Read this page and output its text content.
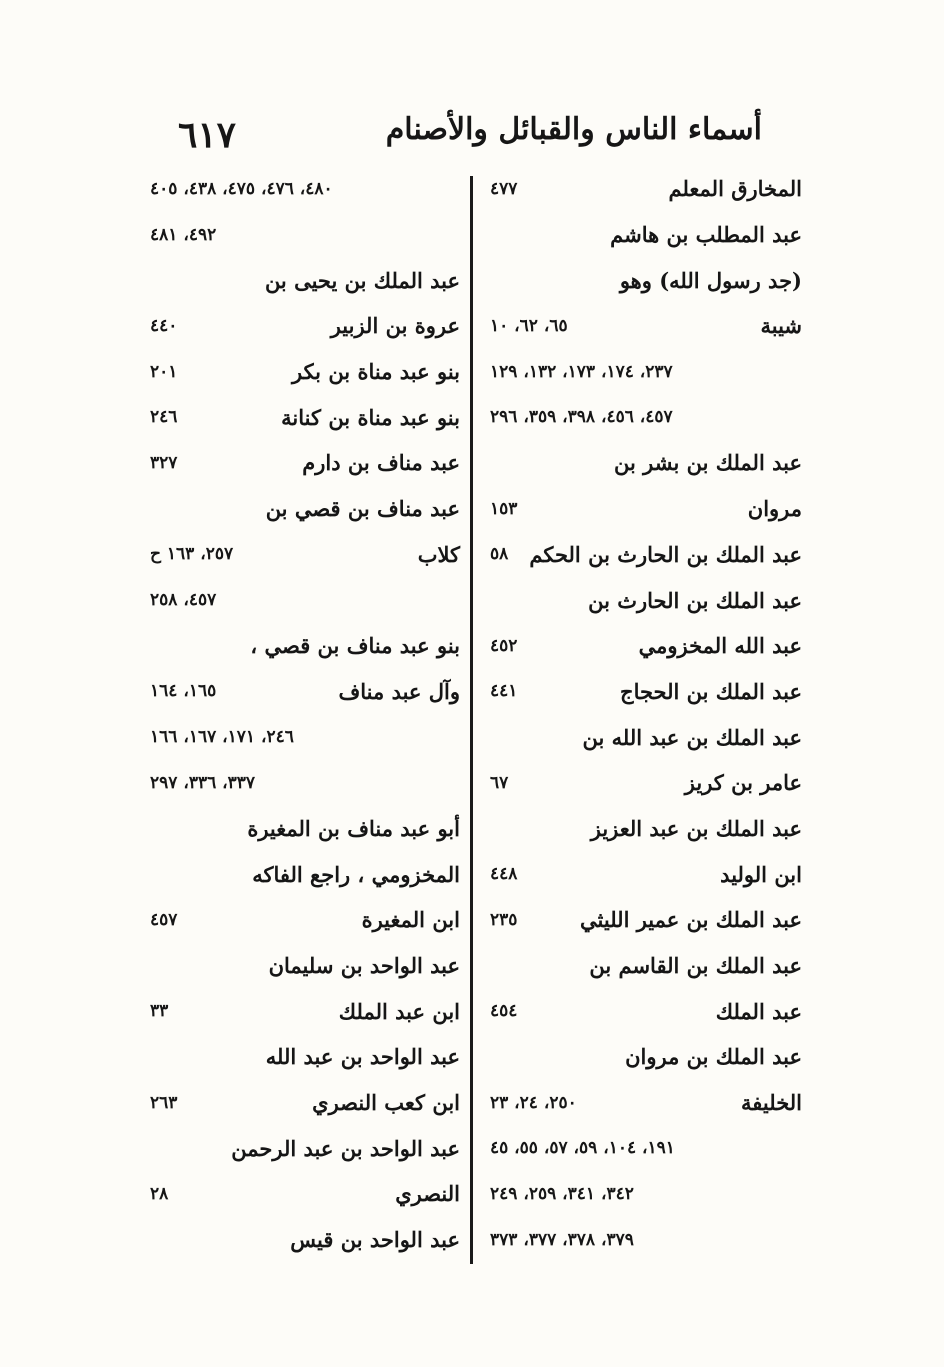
أسماء الناس والقبائل والأصنام
٦١٧
المخارق المعلم
٤٧٧
عبد المطلب بن هاشم
(جد رسول الله) وهو
شيبة
٦٥، ٦٢، ١٠
٢٣٧، ١٧٤، ١٧٣، ١٣٢، ١٢٩
٤٥٧، ٤٥٦، ٣٩٨، ٣٥٩، ٢٩٦
عبد الملك بن بشر بن
مروان
١٥٣
عبد الملك بن الحارث بن الحكم
٥٨
عبد الملك بن الحارث بن
عبد الله المخزومي
٤٥٢
عبد الملك بن الحجاج
٤٤١
عبد الملك بن عبد الله بن
عامر بن كريز
٦٧
عبد الملك بن عبد العزيز
ابن الوليد
٤٤٨
عبد الملك بن عمير الليثي
٢٣٥
عبد الملك بن القاسم بن
عبد الملك
٤٥٤
عبد الملك بن مروان
الخليفة
٢٥٠، ٢٤، ٢٣
١٩١، ١٠٤، ٥٩، ٥٧، ٥٥، ٤٥
٣٤٢، ٣٤١، ٢٥٩، ٢٤٩
٣٧٩، ٣٧٨، ٣٧٧، ٣٧٣
٤٨٠، ٤٧٦، ٤٧٥، ٤٣٨، ٤٠٥
٤٩٢، ٤٨١
عبد الملك بن يحيى بن
عروة بن الزبير
٤٤٠
بنو عبد مناة بن بكر
٢٠١
بنو عبد مناة بن كنانة
٢٤٦
عبد مناف بن دارم
٣٢٧
عبد مناف بن قصي بن
كلاب
٢٥٧، ١٦٣ ح
٤٥٧، ٢٥٨
بنو عبد مناف بن قصي ،
وآل عبد مناف
١٦٥، ١٦٤
٢٤٦، ١٧١، ١٦٧، ١٦٦
٣٣٧، ٣٣٦، ٢٩٧
أبو عبد مناف بن المغيرة
المخزومي ، راجع الفاكه
ابن المغيرة
٤٥٧
عبد الواحد بن سليمان
ابن عبد الملك
٣٣
عبد الواحد بن عبد الله
ابن كعب النصري
٢٦٣
عبد الواحد بن عبد الرحمن
النصري
٢٨
عبد الواحد بن قيس
